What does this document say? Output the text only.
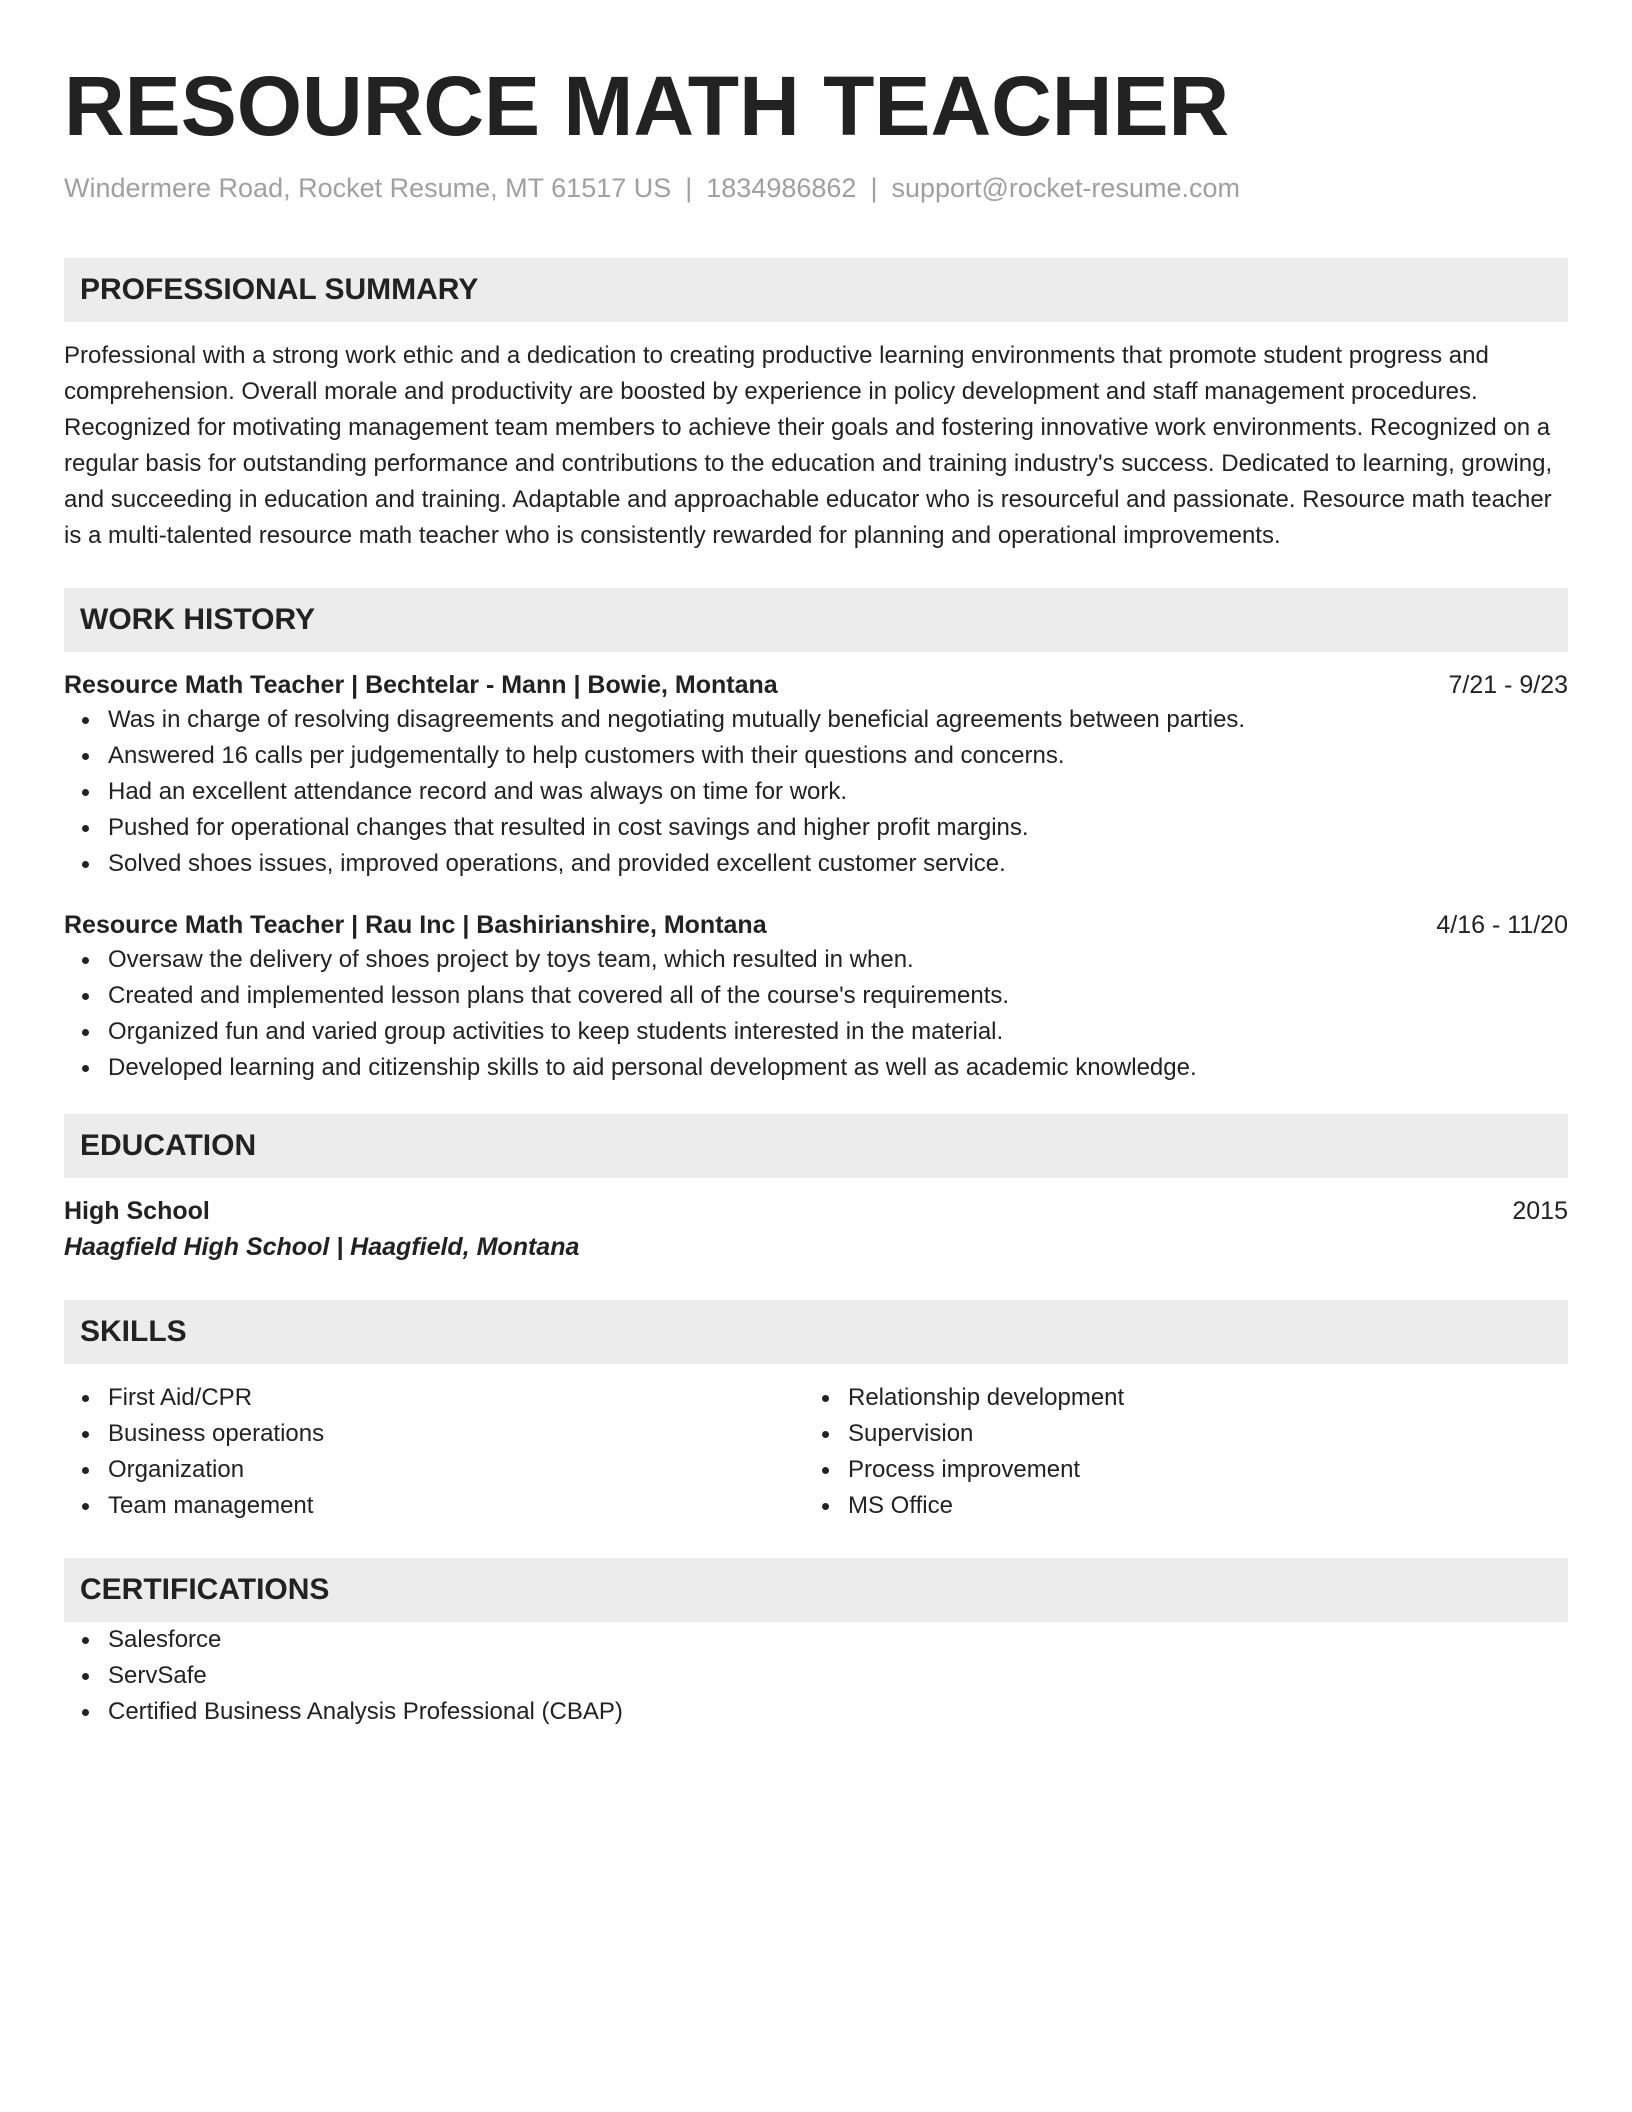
RESOURCE MATH TEACHER
Windermere Road, Rocket Resume, MT 61517 US | 1834986862 | support@rocket-resume.com
PROFESSIONAL SUMMARY
Professional with a strong work ethic and a dedication to creating productive learning environments that promote student progress and comprehension. Overall morale and productivity are boosted by experience in policy development and staff management procedures. Recognized for motivating management team members to achieve their goals and fostering innovative work environments. Recognized on a regular basis for outstanding performance and contributions to the education and training industry's success. Dedicated to learning, growing, and succeeding in education and training. Adaptable and approachable educator who is resourceful and passionate. Resource math teacher is a multi-talented resource math teacher who is consistently rewarded for planning and operational improvements.
WORK HISTORY
Resource Math Teacher | Bechtelar - Mann | Bowie, Montana	7/21 - 9/23
Was in charge of resolving disagreements and negotiating mutually beneficial agreements between parties.
Answered 16 calls per judgementally to help customers with their questions and concerns.
Had an excellent attendance record and was always on time for work.
Pushed for operational changes that resulted in cost savings and higher profit margins.
Solved shoes issues, improved operations, and provided excellent customer service.
Resource Math Teacher | Rau Inc | Bashirianshire, Montana	4/16 - 11/20
Oversaw the delivery of shoes project by toys team, which resulted in when.
Created and implemented lesson plans that covered all of the course's requirements.
Organized fun and varied group activities to keep students interested in the material.
Developed learning and citizenship skills to aid personal development as well as academic knowledge.
EDUCATION
High School	2015
Haagfield High School | Haagfield, Montana
SKILLS
First Aid/CPR
Business operations
Organization
Team management
Relationship development
Supervision
Process improvement
MS Office
CERTIFICATIONS
Salesforce
ServSafe
Certified Business Analysis Professional (CBAP)
